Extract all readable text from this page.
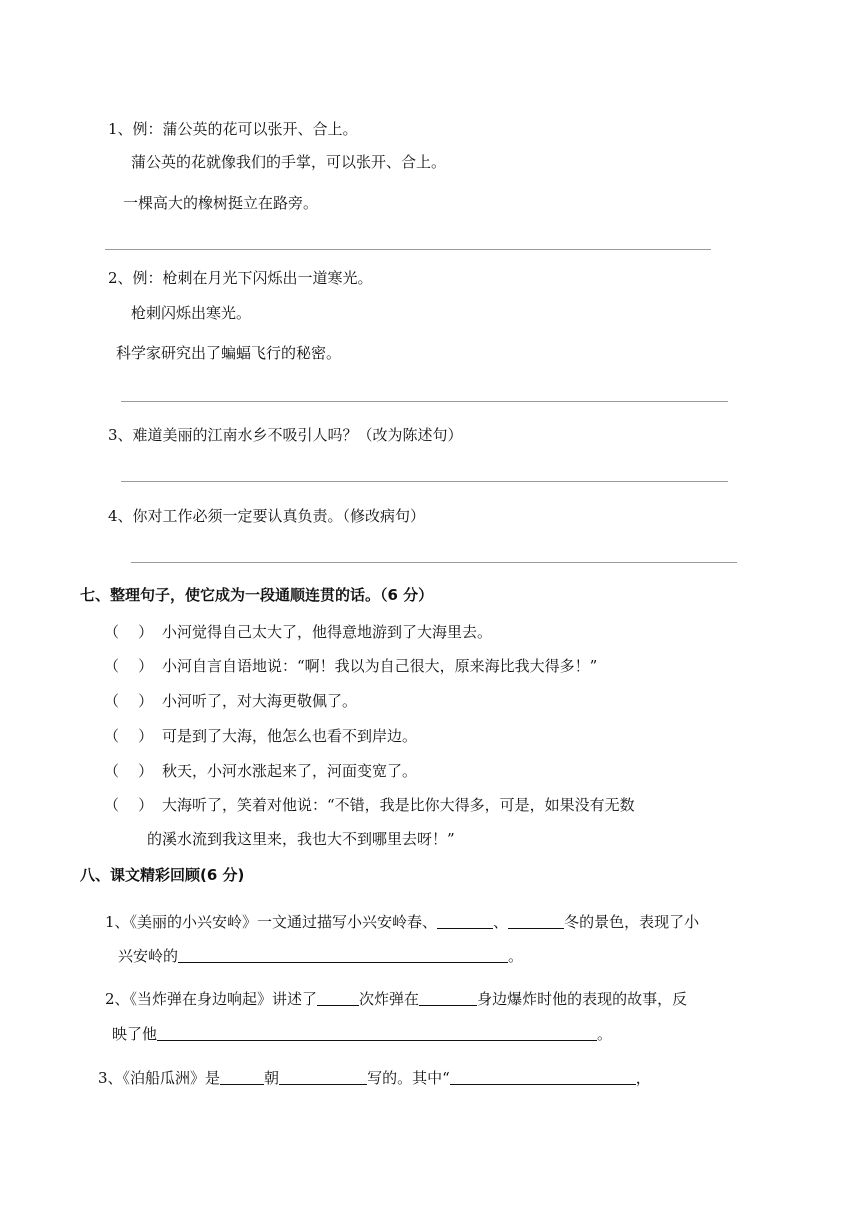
1、例：蒲公英的花可以张开、合上。
蒲公英的花就像我们的手掌，可以张开、合上。
一棵高大的橡树挺立在路旁。
2、例：枪刺在月光下闪烁出一道寒光。
枪刺闪烁出寒光。
科学家研究出了蝙蝠飞行的秘密。
3、难道美丽的江南水乡不吸引人吗？（改为陈述句）
4、你对工作必须一定要认真负责。（修改病句）
七、整理句子，使它成为一段通顺连贯的话。（6 分）
（ ） 小河觉得自己太大了，他得意地游到了大海里去。
（ ） 小河自言自语地说：“啊！我以为自己很大，原来海比我大得多！”
（ ） 小河听了，对大海更敬佩了。
（ ） 可是到了大海，他怎么也看不到岸边。
（ ） 秋天，小河水涨起来了，河面变宽了。
（ ） 大海听了，笑着对他说：“不错，我是比你大得多，可是，如果没有无数
的溪水流到我这里来，我也大不到哪里去呀！”
八、课文精彩回顾(6 分)
1、《美丽的小兴安岭》一文通过描写小兴安岭春、	、	冬的景色，表现了小
兴安岭的	。
2、《当炸弹在身边响起》讲述了	次炸弹在	身边爆炸时他的表现的故事，反
映了他	。
3、《泊船瓜洲》是	朝	写的。其中“	，
